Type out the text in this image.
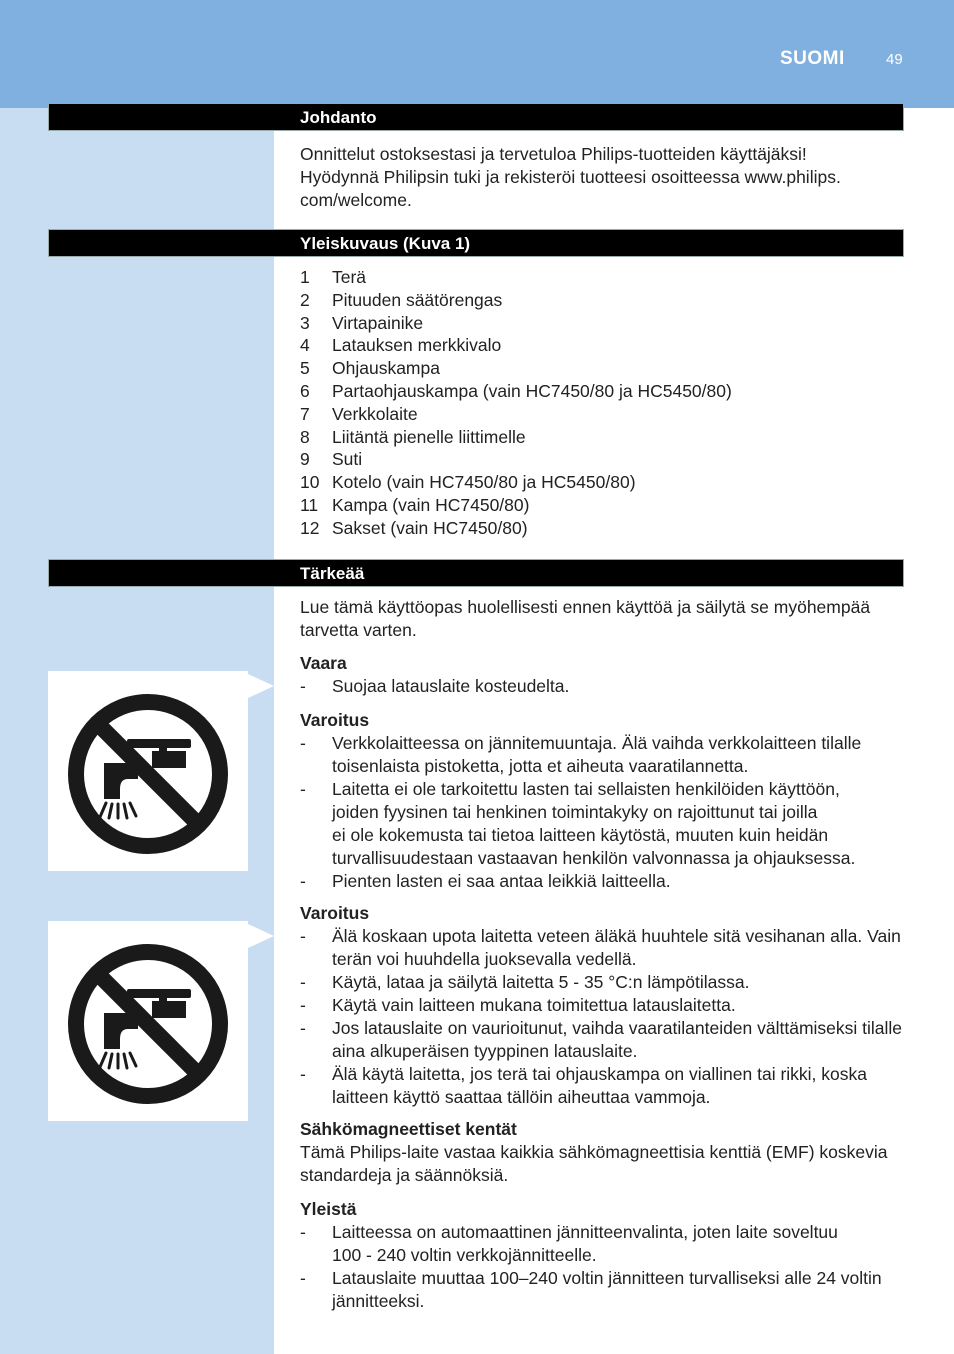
SUOMI	49
Johdanto

Onnittelut ostoksestasi ja tervetuloa Philips-tuotteiden käyttäjäksi!

Hyödynnä Philipsin tuki ja rekisteröi tuotteesi osoitteessa www.philips.

com/welcome.

Yleiskuvaus (Kuva 1)
1	Terä
2	Pituuden säätörengas
3	Virtapainike
4	Latauksen merkkivalo
5	Ohjauskampa
6	Partaohjauskampa (vain HC7450/80 ja HC5450/80)
7	Verkkolaite
8	Liitäntä pienelle liittimelle
9	Suti
10 Kotelo (vain HC7450/80 ja HC5450/80)
11 Kampa (vain HC7450/80)
12 Sakset (vain HC7450/80)
Tärkeää

Lue tämä käyttöopas huolellisesti ennen käyttöä ja säilytä se myöhempää

tarvetta varten.

Vaara

-	Suojaa latauslaite kosteudelta.

Varoitus

-	Verkkolaitteessa on jännitemuuntaja. Älä vaihda verkkolaitteen tilalle
toisenlaista pistoketta, jotta et aiheuta vaaratilannetta.
-	Laitetta ei ole tarkoitettu lasten tai sellaisten henkilöiden käyttöön,
joiden fyysinen tai henkinen toimintakyky on rajoittunut tai joilla
ei ole kokemusta tai tietoa laitteen käytöstä, muuten kuin heidän
turvallisuudestaan vastaavan henkilön valvonnassa ja ohjauksessa.
-	Pienten lasten ei saa antaa leikkiä laitteella.

Varoitus

-	Älä koskaan upota laitetta veteen äläkä huuhtele sitä vesihanan alla. Vain
terän voi huuhdella juoksevalla vedellä.
-	Käytä, lataa ja säilytä laitetta 5 - 35 °C:n lämpötilassa.
-	Käytä vain laitteen mukana toimitettua latauslaitetta.
-	Jos latauslaite on vaurioitunut, vaihda vaaratilanteiden välttämiseksi tilalle
aina alkuperäisen tyyppinen latauslaite.
-	Älä käytä laitetta, jos terä tai ohjauskampa on viallinen tai rikki, koska
laitteen käyttö saattaa tällöin aiheuttaa vammoja.

Sähkömagneettiset kentät

Tämä Philips-laite vastaa kaikkia sähkömagneettisia kenttiä (EMF) koskevia

standardeja ja säännöksiä.

Yleistä

-	Laitteessa on automaattinen jännitteenvalinta, joten laite soveltuu
100 - 240 voltin verkkojännitteelle.
-	Latauslaite muuttaa 100–240 voltin jännitteen turvalliseksi alle 24 voltin
jännitteeksi.
